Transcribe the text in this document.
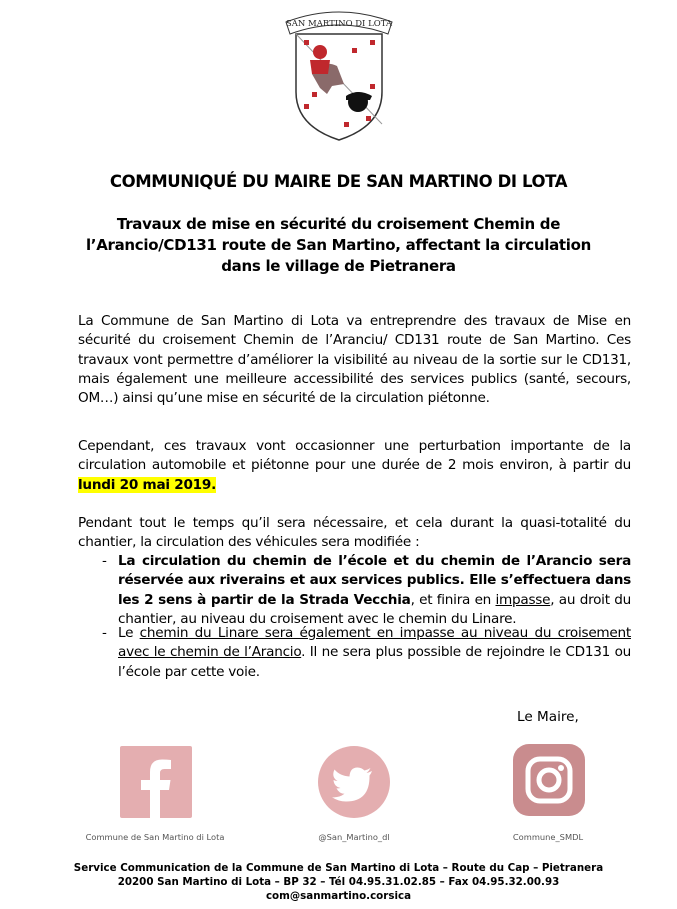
SAN MARTINO DI LOTA
COMMUNIQUÉ DU MAIRE DE SAN MARTINO DI LOTA
Travaux de mise en sécurité du croisement Chemin de
l’Arancio/CD131 route de San Martino, affectant la circulation
dans le village de Pietranera
La Commune de San Martino di Lota va entreprendre des travaux de Mise en sécurité du croisement Chemin de l’Aranciu/ CD131 route de San Martino. Ces travaux vont permettre d’améliorer la visibilité au niveau de la sortie sur le CD131, mais également une meilleure accessibilité des services publics (santé, secours, OM…) ainsi qu’une mise en sécurité de la circulation piétonne.
Cependant, ces travaux vont occasionner une perturbation importante de la circulation automobile et piétonne pour une durée de 2 mois environ, à partir du lundi 20 mai 2019.
Pendant tout le temps qu’il sera nécessaire, et cela durant la quasi-totalité du chantier, la circulation des véhicules sera modifiée :
- La circulation du chemin de l’école et du chemin de l’Arancio sera réservée aux riverains et aux services publics. Elle s’effectuera dans les 2 sens à partir de la Strada Vecchia, et finira en impasse, au droit du chantier, au niveau du croisement avec le chemin du Linare.
- Le chemin du Linare sera également en impasse au niveau du croisement avec le chemin de l’Arancio. Il ne sera plus possible de rejoindre le CD131 ou l’école par cette voie.
Le Maire,
Commune de San Martino di Lota	@San_Martino_dl	Commune_SMDL
Service Communication de la Commune de San Martino di Lota – Route du Cap – Pietranera
20200 San Martino di Lota – BP 32 – Tél 04.95.31.02.85 – Fax 04.95.32.00.93
com@sanmartino.corsica
